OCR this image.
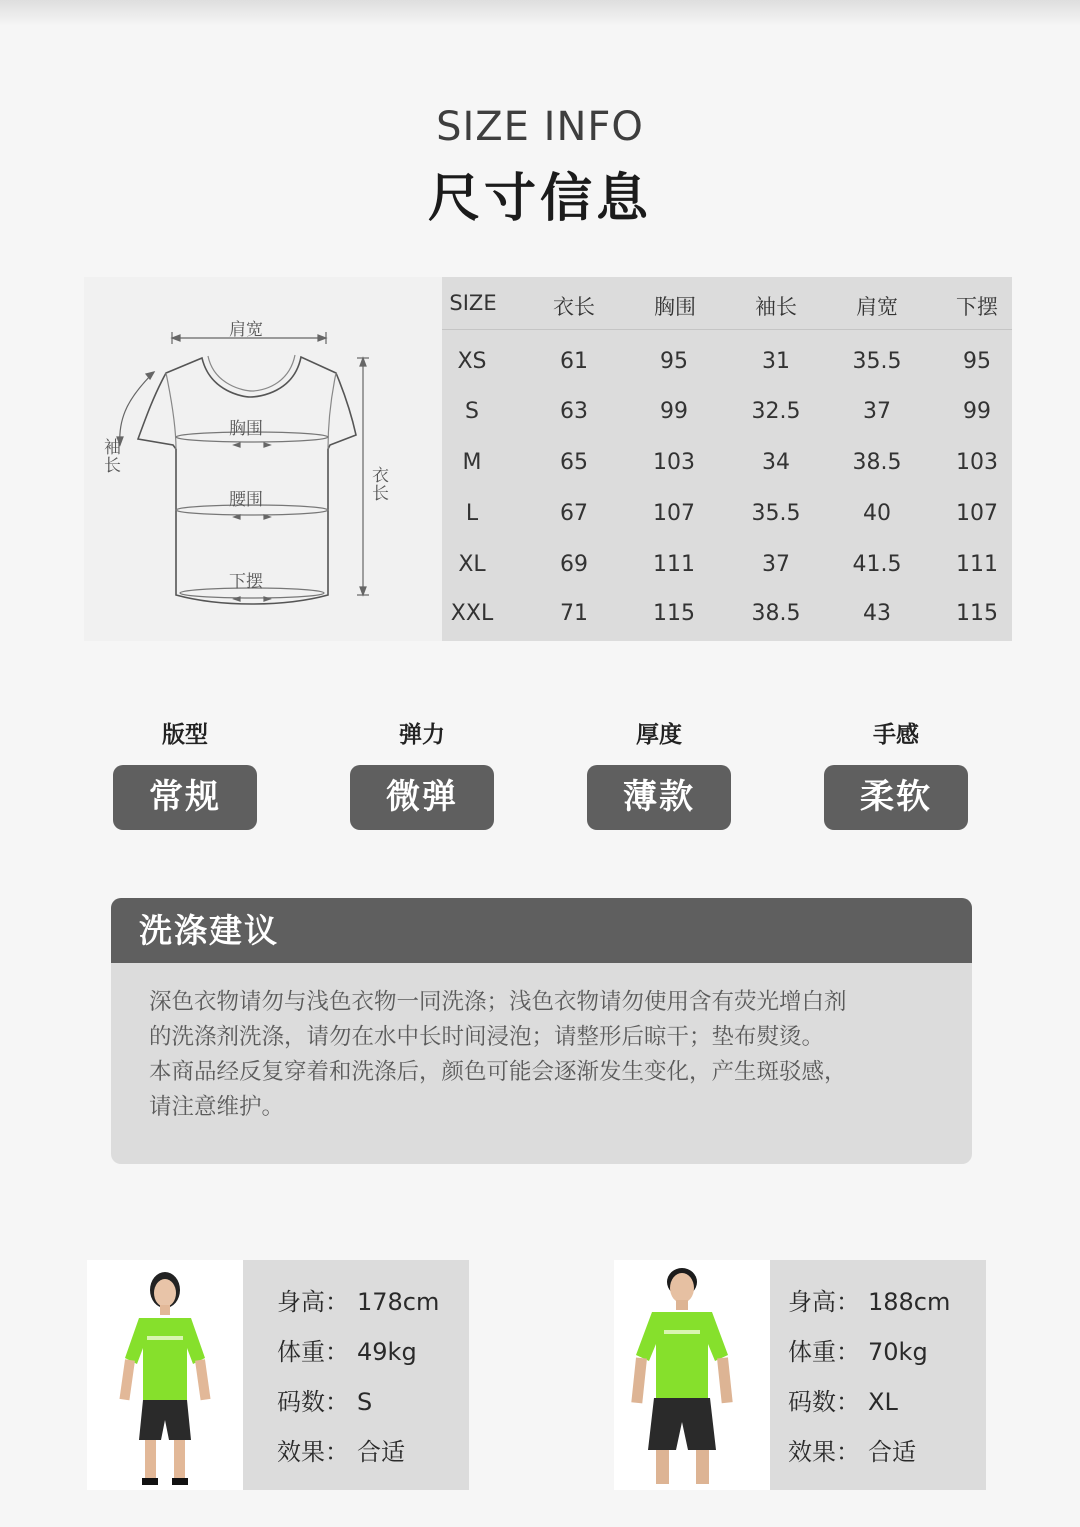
SIZE INFO
尺寸信息
肩宽
胸围
腰围
下摆
袖长	衣长
SIZE	衣长	胸围	袖长	肩宽	下摆
XS	61	95	31	35.5	95
S	63	99	32.5	37	99
M	65	103	34	38.5	103
L	67	107	35.5	40	107
XL	69	111	37	41.5	111
XXL	71	115	38.5	43	115
版型
常规
弹力
微弹
厚度
薄款
手感
柔软
洗涤建议
深色衣物请勿与浅色衣物一同洗涤；浅色衣物请勿使用含有荧光增白剂
的洗涤剂洗涤，请勿在水中长时间浸泡；请整形后晾干；垫布熨烫。
本商品经反复穿着和洗涤后，颜色可能会逐渐发生变化，产生斑驳感，
请注意维护。
身高： 178cm
体重： 49kg
码数： S
效果： 合适
身高： 188cm
体重： 70kg
码数： XL
效果： 合适
